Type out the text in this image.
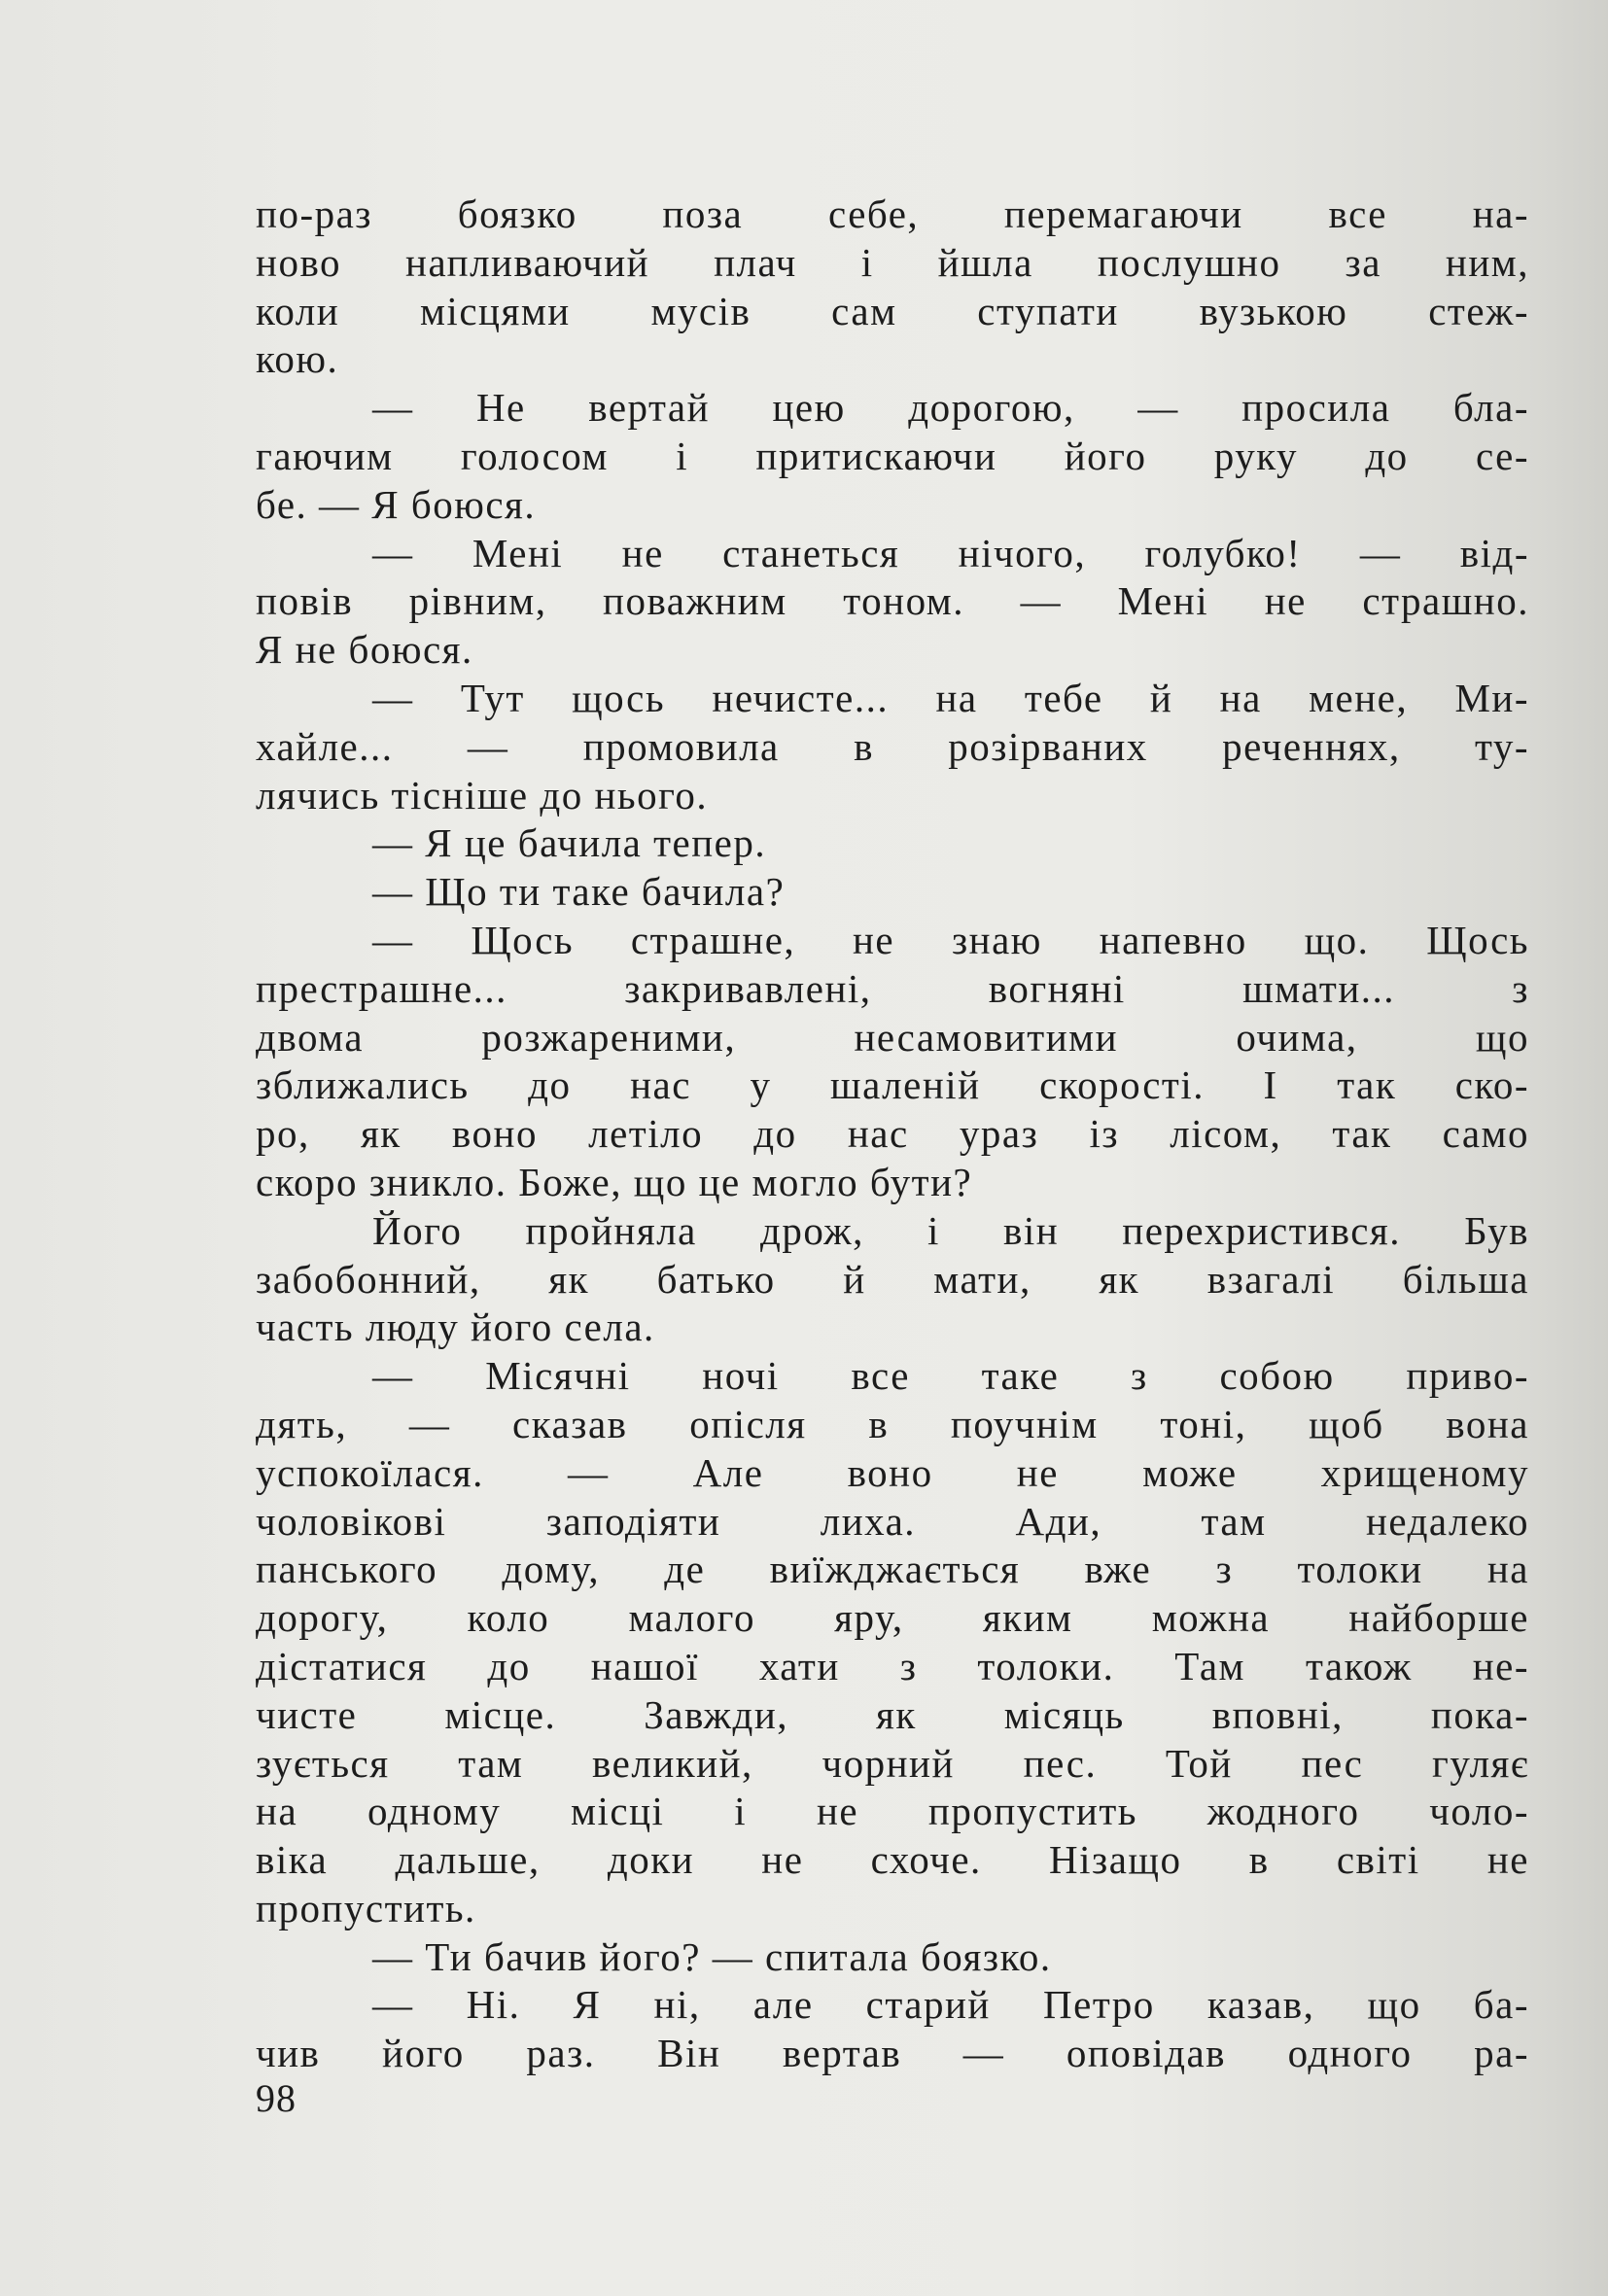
по-раз боязко поза себе, перемагаючи все на-
ново напливаючий плач і йшла послушно за ним,
коли місцями мусів сам ступати вузькою стеж-
кою.
— Не вертай цею дорогою, — просила бла-
гаючим голосом і притискаючи його руку до се-
бе. — Я боюся.
— Мені не станеться нічого, голубко! — від-
повів рівним, поважним тоном. — Мені не страшно.
Я не боюся.
— Тут щось нечисте... на тебе й на мене, Ми-
хайле... — промовила в розірваних реченнях, ту-
лячись тісніше до нього.
— Я це бачила тепер.
— Що ти таке бачила?
— Щось страшне, не знаю напевно що. Щось
престрашне... закривавлені, вогняні шмати... з
двома розжареними, несамовитими очима, що
зближались до нас у шаленій скорості. І так ско-
ро, як воно летіло до нас ураз із лісом, так само
скоро зникло. Боже, що це могло бути?
Його пройняла дрож, і він перехристився. Був
забобонний, як батько й мати, як взагалі більша
часть люду його села.
— Місячні ночі все таке з собою приво-
дять, — сказав опісля в поучнім тоні, щоб вона
успокоїлася. — Але воно не може хрищеному
чоловікові заподіяти лиха. Ади, там недалеко
панського дому, де виїжджається вже з толоки на
дорогу, коло малого яру, яким можна найборше
дістатися до нашої хати з толоки. Там також не-
чисте місце. Завжди, як місяць вповні, пока-
зується там великий, чорний пес. Той пес гуляє
на одному місці і не пропустить жодного чоло-
віка дальше, доки не схоче. Нізащо в світі не
пропустить.
— Ти бачив його? — спитала боязко.
— Ні. Я ні, але старий Петро казав, що ба-
чив його раз. Він вертав — оповідав одного ра-
98
